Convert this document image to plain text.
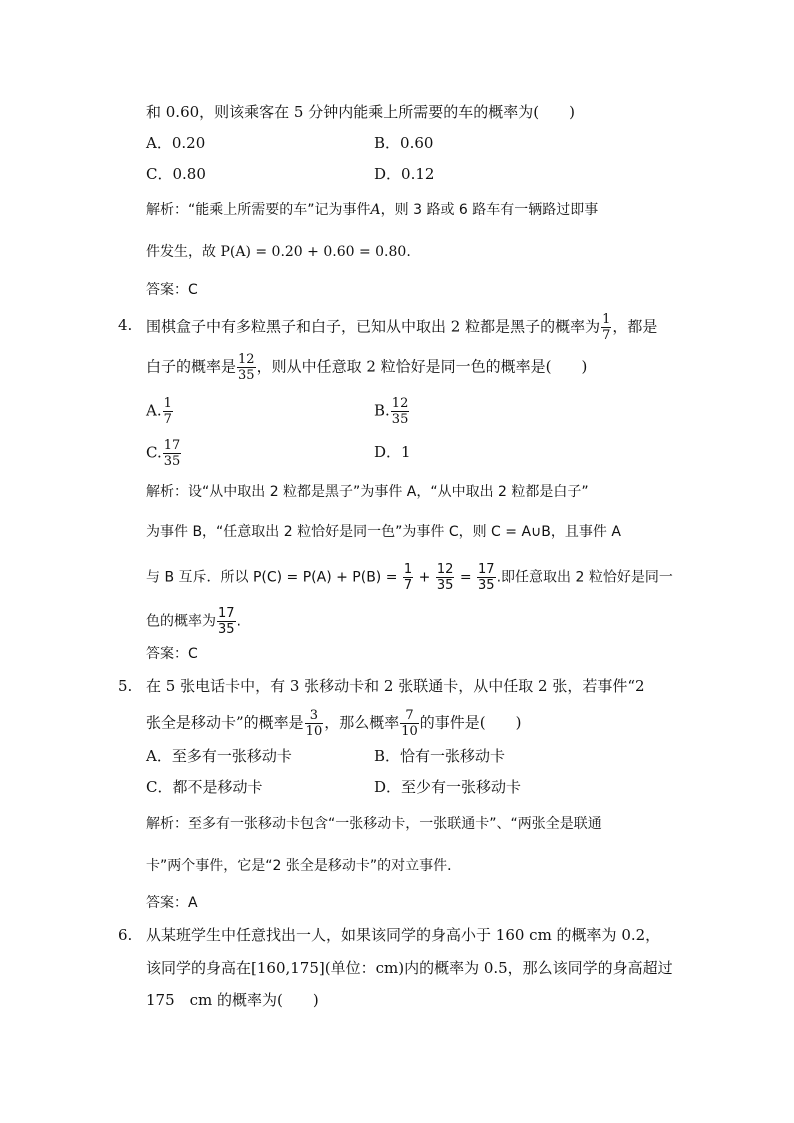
和 0.60，则该乘客在 5 分钟内能乘上所需要的车的概率为(　　)
A．0.20	B．0.60
C．0.80	D．0.12
解析：“能乘上所需要的车”记为事件A，则 3 路或 6 路车有一辆路过即事
件发生，故 P(A) = 0.20 + 0.60 = 0.80.
答案：C
4. 围棋盒子中有多粒黑子和白子，已知从中取出 2 粒都是黑子的概率为 $\frac{1}{7}$ ，都是
白子的概率是 $\frac{12}{35}$ ，则从中任意取 2 粒恰好是同一色的概率是(　　)
A. $\frac{1}{7}$	B. $\frac{12}{35}$
C. $\frac{17}{35}$	D．1
解析：设“从中取出 2 粒都是黑子”为事件 A，“从中取出 2 粒都是白子”
为事件 B，“任意取出 2 粒恰好是同一色”为事件 C，则 C = A∪B，且事件 A
与 B 互斥．所以 $P(C) = P(A) + P(B) = \frac{1}{7} + \frac{12}{35} = \frac{17}{35}$ .即任意取出 2 粒恰好是同一
色的概率为 $\frac{17}{35}$ .
答案：C
5. 在 5 张电话卡中，有 3 张移动卡和 2 张联通卡，从中任取 2 张，若事件“2
张全是移动卡”的概率是 $\frac{3}{10}$ ，那么概率 $\frac{7}{10}$ 的事件是(　　)
A．至多有一张移动卡	B．恰有一张移动卡
C．都不是移动卡	D．至少有一张移动卡
解析：至多有一张移动卡包含“一张移动卡，一张联通卡”、“两张全是联通
卡”两个事件，它是“2 张全是移动卡”的对立事件．
答案：A
6. 从某班学生中任意找出一人，如果该同学的身高小于 160 cm 的概率为 0.2，
该同学的身高在[160,175](单位：cm)内的概率为 0.5，那么该同学的身高超过
175　cm 的概率为(　　)
